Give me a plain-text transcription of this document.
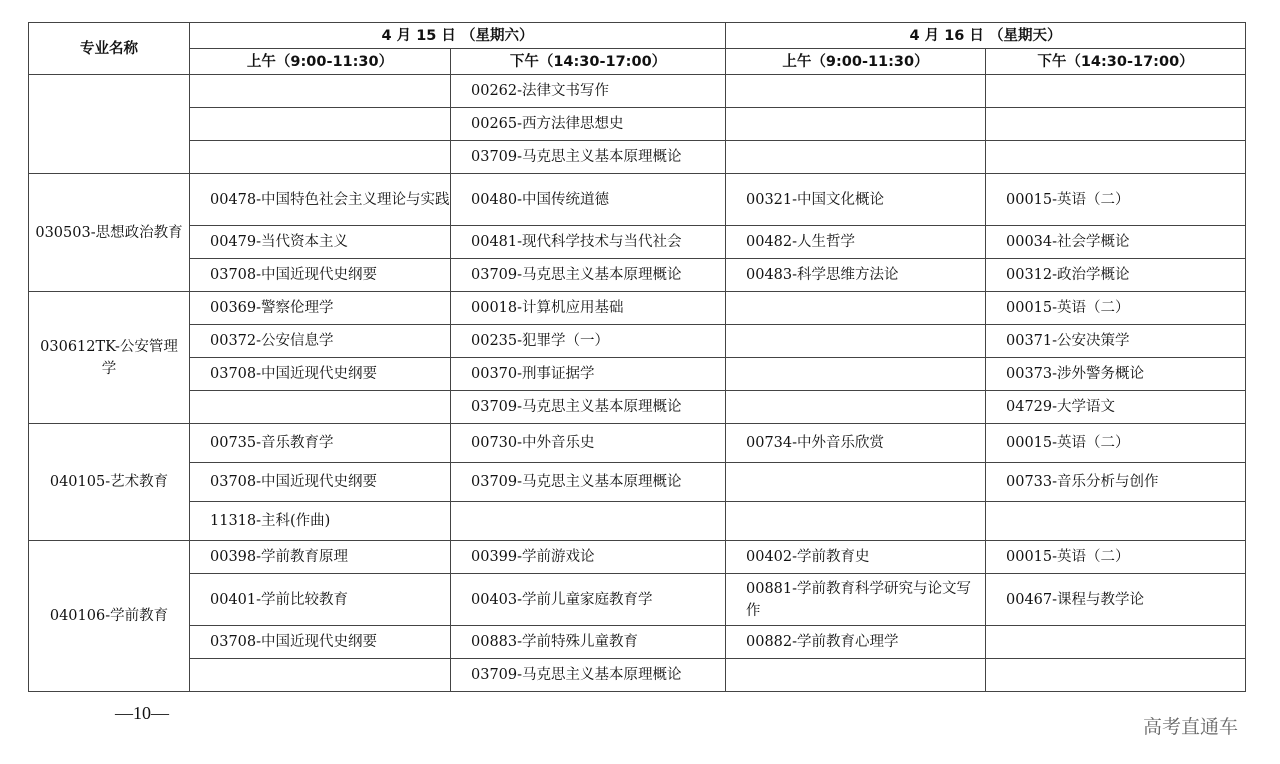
专业名称	4 月 15 日 （星期六）		4 月 16 日 （星期天）	
	上午（9:00-11:30）	下午（14:30-17:00）	上午（9:00-11:30）	下午（14:30-17:00）
		00262-法律文书写作		
		00265-西方法律思想史		
		03709-马克思主义基本原理概论		
030503-思想政治教育	00478-中国特色社会主义理论与实践	00480-中国传统道德	00321-中国文化概论	00015-英语（二）
	00479-当代资本主义	00481-现代科学技术与当代社会	00482-人生哲学	00034-社会学概论
	03708-中国近现代史纲要	03709-马克思主义基本原理概论	00483-科学思维方法论	00312-政治学概论
030612TK-公安管理学	00369-警察伦理学	00018-计算机应用基础		00015-英语（二）
	00372-公安信息学	00235-犯罪学（一）		00371-公安决策学
	03708-中国近现代史纲要	00370-刑事证据学		00373-涉外警务概论
		03709-马克思主义基本原理概论		04729-大学语文
040105-艺术教育	00735-音乐教育学	00730-中外音乐史	00734-中外音乐欣赏	00015-英语（二）
	03708-中国近现代史纲要	03709-马克思主义基本原理概论		00733-音乐分析与创作
	11318-主科(作曲)			
040106-学前教育	00398-学前教育原理	00399-学前游戏论	00402-学前教育史	00015-英语（二）
	00401-学前比较教育	00403-学前儿童家庭教育学	00881-学前教育科学研究与论文写作	00467-课程与教学论
	03708-中国近现代史纲要	00883-学前特殊儿童教育	00882-学前教育心理学	
		03709-马克思主义基本原理概论		
—10—
高考直通车
